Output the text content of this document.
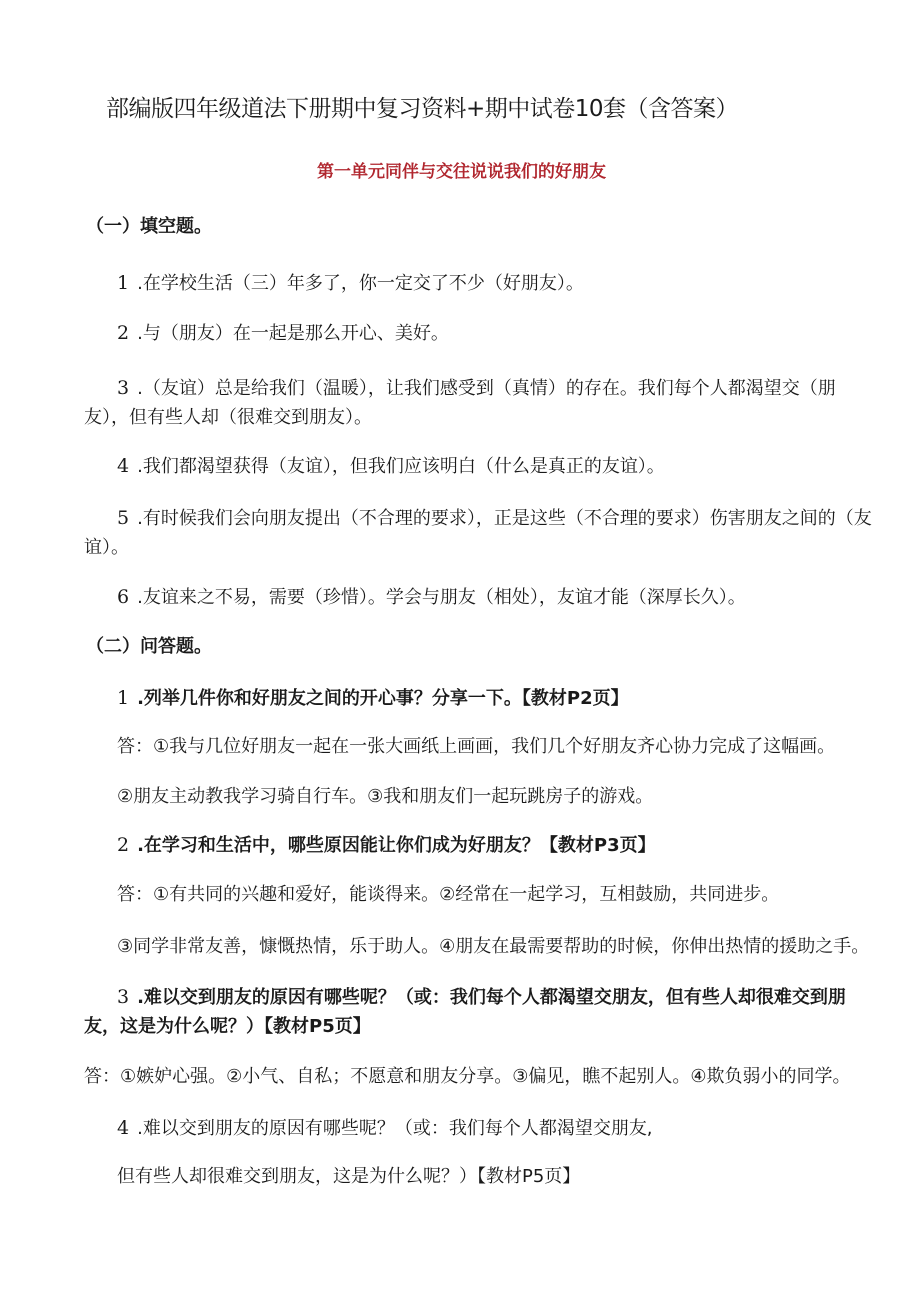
部编版四年级道法下册期中复习资料+期中试卷10套（含答案）
第一单元同伴与交往说说我们的好朋友
（一）填空题。
1 .在学校生活（三）年多了，你一定交了不少（好朋友）。
2 .与（朋友）在一起是那么开心、美好。
3 .（友谊）总是给我们（温暖），让我们感受到（真情）的存在。我们每个人都渴望交（朋
友），但有些人却（很难交到朋友）。
4 .我们都渴望获得（友谊），但我们应该明白（什么是真正的友谊）。
5 .有时候我们会向朋友提出（不合理的要求），正是这些（不合理的要求）伤害朋友之间的（友
谊）。
6 .友谊来之不易，需要（珍惜）。学会与朋友（相处），友谊才能（深厚长久）。
（二）问答题。
1 .列举几件你和好朋友之间的开心事？分享一下。【教材P2页】
答：①我与几位好朋友一起在一张大画纸上画画，我们几个好朋友齐心协力完成了这幅画。
②朋友主动教我学习骑自行车。③我和朋友们一起玩跳房子的游戏。
2 .在学习和生活中，哪些原因能让你们成为好朋友？【教材P3页】
答：①有共同的兴趣和爱好，能谈得来。②经常在一起学习，互相鼓励，共同进步。
③同学非常友善，慷慨热情，乐于助人。④朋友在最需要帮助的时候，你伸出热情的援助之手。
3 .难以交到朋友的原因有哪些呢？（或：我们每个人都渴望交朋友，但有些人却很难交到朋
友，这是为什么呢？）【教材P5页】
答：①嫉妒心强。②小气、自私；不愿意和朋友分享。③偏见，瞧不起别人。④欺负弱小的同学。
4 .难以交到朋友的原因有哪些呢？（或：我们每个人都渴望交朋友,
但有些人却很难交到朋友，这是为什么呢？）【教材P5页】
